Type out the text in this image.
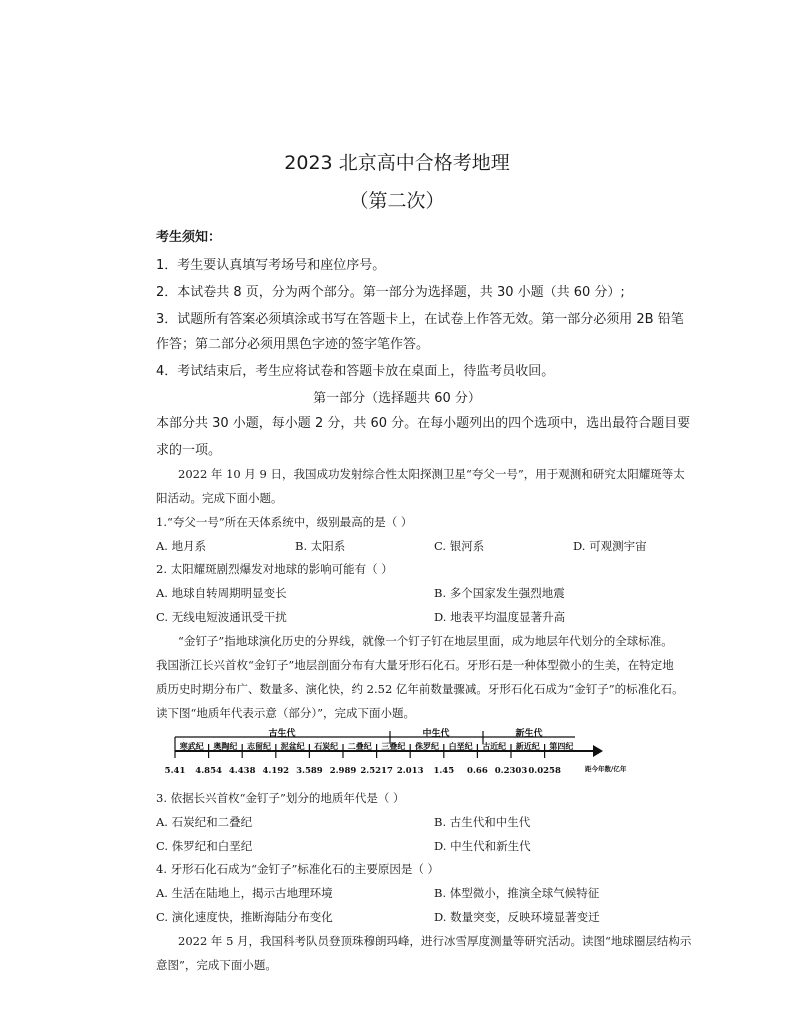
2023 北京高中合格考地理
（第二次）
考生须知：
1．考生要认真填写考场号和座位序号。
2．本试卷共 8 页，分为两个部分。第一部分为选择题，共 30 小题（共 60 分）;
3．试题所有答案必须填涂或书写在答题卡上，在试卷上作答无效。第一部分必须用 2B 铅笔
作答；第二部分必须用黑色字迹的签字笔作答。
4．考试结束后，考生应将试卷和答题卡放在桌面上，待监考员收回。
第一部分（选择题共 60 分）
本部分共 30 小题，每小题 2 分，共 60 分。在每小题列出的四个选项中，选出最符合题目要
求的一项。
2022 年 10 月 9 日，我国成功发射综合性太阳探测卫星“夸父一号”，用于观测和研究太阳耀斑等太
阳活动。完成下面小题。
1.“夸父一号”所在天体系统中，级别最高的是（ ）
A. 地月系	B. 太阳系	C. 银河系	D. 可观测宇宙
2. 太阳耀斑剧烈爆发对地球的影响可能有（ ）
A. 地球自转周期明显变长	B. 多个国家发生强烈地震
C. 无线电短波通讯受干扰	D. 地表平均温度显著升高
“金钉子”指地球演化历史的分界线，就像一个钉子钉在地层里面，成为地层年代划分的全球标准。
我国浙江长兴首枚“金钉子”地层剖面分布有大量牙形石化石。牙形石是一种体型微小的生美，在特定地
质历史时期分布广、数量多、演化快，约 2.52 亿年前数量骤减。牙形石化石成为“金钉子”的标准化石。
读下图“地质年代表示意（部分）”，完成下面小题。
古生代	中生代	新生代
寒武纪 奥陶纪 志留纪 泥盆纪 石炭纪 二叠纪 三叠纪 侏罗纪 白垩纪 古近纪 新近纪 第四纪
5.41 4.854 4.438 4.192 3.589 2.989 2.5217 2.013 1.45 0.66 0.2303 0.0258	距今年数/亿年
3. 依据长兴首枚“金钉子”划分的地质年代是（ ）
A. 石炭纪和二叠纪	B. 古生代和中生代
C. 侏罗纪和白垩纪	D. 中生代和新生代
4. 牙形石化石成为“金钉子”标准化石的主要原因是（ ）
A. 生活在陆地上，揭示古地理环境	B. 体型微小，推演全球气候特征
C. 演化速度快，推断海陆分布变化	D. 数量突变，反映环境显著变迁
2022 年 5 月，我国科考队员登顶珠穆朗玛峰，进行冰雪厚度测量等研究活动。读图“地球圈层结构示
意图”，完成下面小题。
